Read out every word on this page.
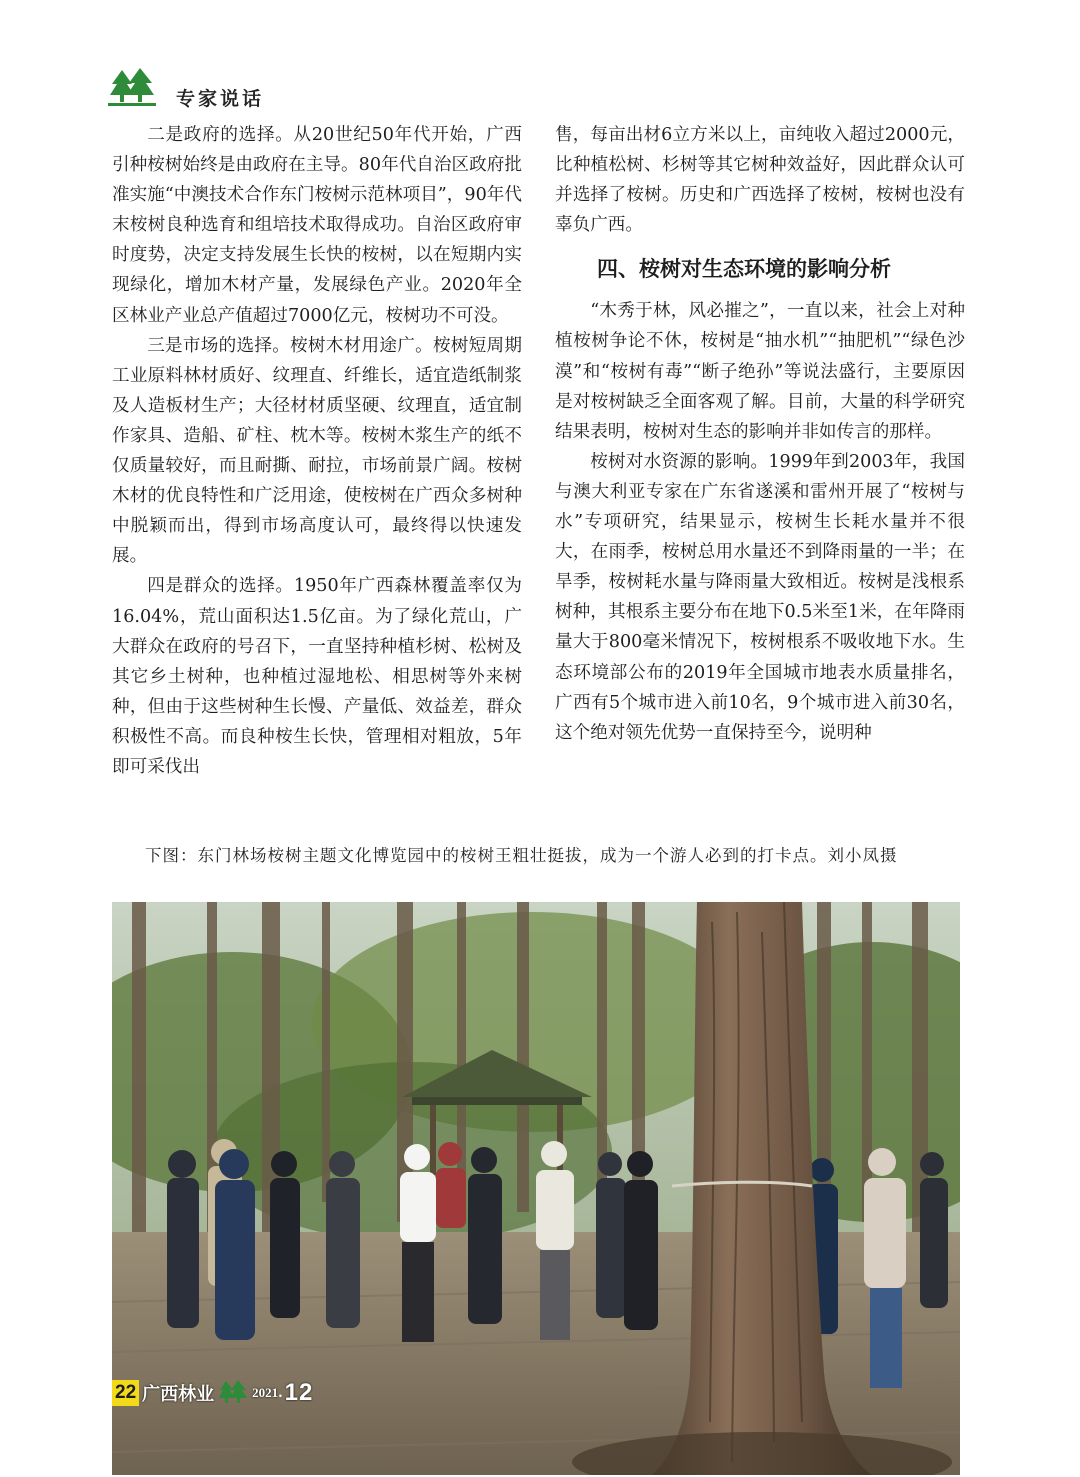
专家说话

二是政府的选择。从20世纪50年代开始，广西引种桉树始终是由政府在主导。80年代自治区政府批准实施“中澳技术合作东门桉树示范林项目”，90年代末桉树良种选育和组培技术取得成功。自治区政府审时度势，决定支持发展生长快的桉树，以在短期内实现绿化，增加木材产量，发展绿色产业。2020年全区林业产业总产值超过7000亿元，桉树功不可没。

三是市场的选择。桉树木材用途广。桉树短周期工业原料林材质好、纹理直、纤维长，适宜造纸制浆及人造板材生产；大径材材质坚硬、纹理直，适宜制作家具、造船、矿柱、枕木等。桉树木浆生产的纸不仅质量较好，而且耐撕、耐拉，市场前景广阔。桉树木材的优良特性和广泛用途，使桉树在广西众多树种中脱颖而出，得到市场高度认可，最终得以快速发展。

四是群众的选择。1950年广西森林覆盖率仅为16.04%，荒山面积达1.5亿亩。为了绿化荒山，广大群众在政府的号召下，一直坚持种植杉树、松树及其它乡土树种，也种植过湿地松、相思树等外来树种，但由于这些树种生长慢、产量低、效益差，群众积极性不高。而良种桉生长快，管理相对粗放，5年即可采伐出

售，每亩出材6立方米以上，亩纯收入超过2000元，比种植松树、杉树等其它树种效益好，因此群众认可并选择了桉树。历史和广西选择了桉树，桉树也没有辜负广西。

四、桉树对生态环境的影响分析

“木秀于林，风必摧之”，一直以来，社会上对种植桉树争论不休，桉树是“抽水机”“抽肥机”“绿色沙漠”和“桉树有毒”“断子绝孙”等说法盛行，主要原因是对桉树缺乏全面客观了解。目前，大量的科学研究结果表明，桉树对生态的影响并非如传言的那样。

桉树对水资源的影响。1999年到2003年，我国与澳大利亚专家在广东省遂溪和雷州开展了“桉树与水”专项研究，结果显示，桉树生长耗水量并不很大，在雨季，桉树总用水量还不到降雨量的一半；在旱季，桉树耗水量与降雨量大致相近。桉树是浅根系树种，其根系主要分布在地下0.5米至1米，在年降雨量大于800毫米情况下，桉树根系不吸收地下水。生态环境部公布的2019年全国城市地表水质量排名，广西有5个城市进入前10名，9个城市进入前30名，这个绝对领先优势一直保持至今，说明种

下图：东门林场桉树主题文化博览园中的桉树王粗壮挺拔，成为一个游人必到的打卡点。刘小凤摄
22 广西林业	2021 . 12
